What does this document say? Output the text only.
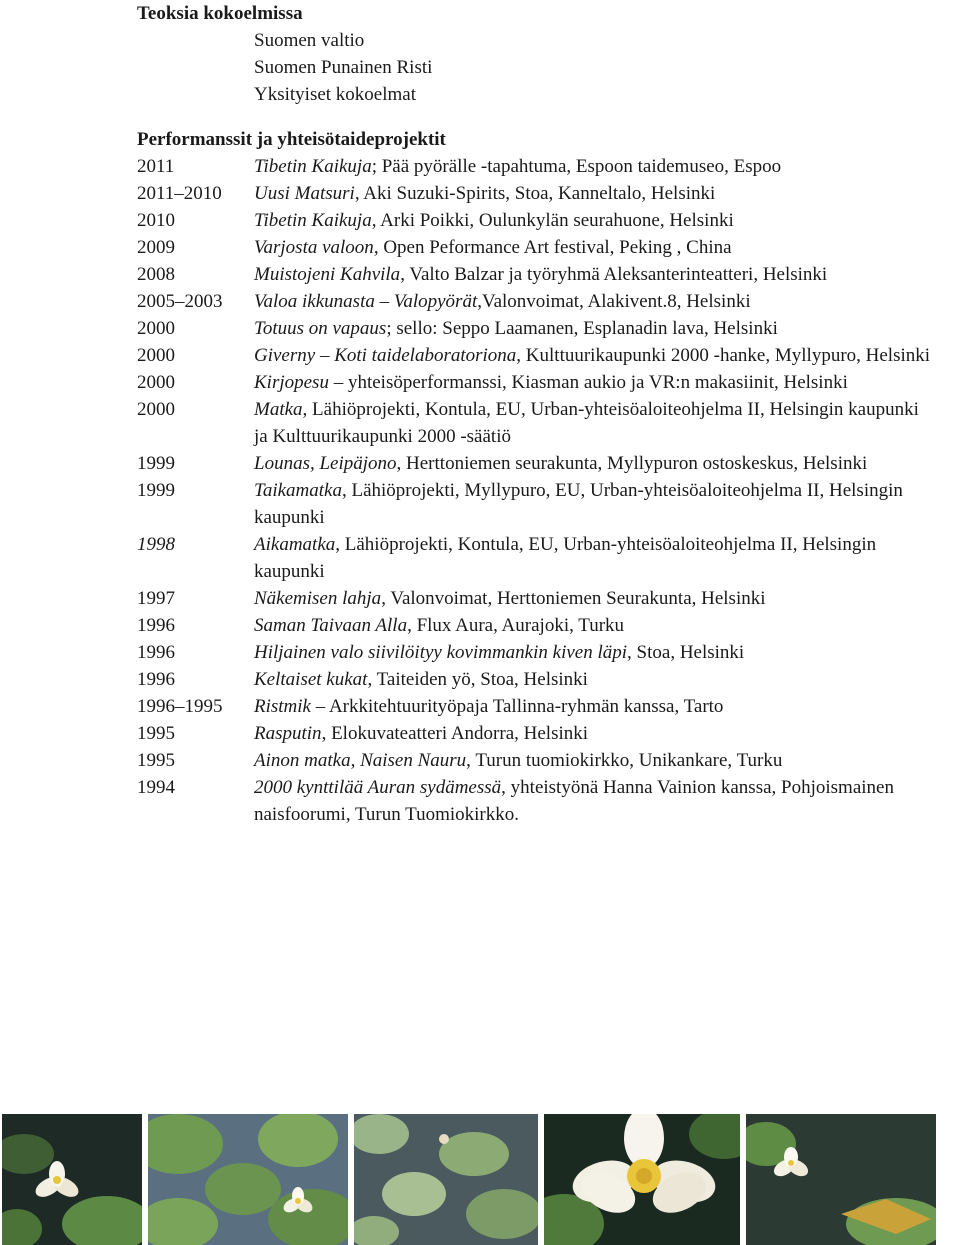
Teoksia kokoelmissa
Suomen valtio
Suomen Punainen Risti
Yksityiset kokoelmat
Performanssit ja yhteisötaideprojektit
2011	Tibetin Kaikuja; Pää pyörälle -tapahtuma, Espoon taidemuseo, Espoo
2011–2010	Uusi Matsuri, Aki Suzuki-Spirits, Stoa, Kanneltalo, Helsinki
2010	Tibetin Kaikuja, Arki Poikki, Oulunkylän seurahuone, Helsinki
2009	Varjosta valoon, Open Peformance Art festival, Peking , China
2008	Muistojeni Kahvila, Valto Balzar ja työryhmä Aleksanterinteatteri, Helsinki
2005–2003	Valoa ikkunasta – Valopyörät,Valonvoimat, Alakivent.8, Helsinki
2000	Totuus on vapaus; sello: Seppo Laamanen, Esplanadin lava, Helsinki
2000	Giverny – Koti taidelaboratoriona, Kulttuurikaupunki 2000 -hanke, Myllypuro, Helsinki
2000	Kirjopesu – yhteisöperformanssi, Kiasman aukio ja VR:n makasiinit, Helsinki
2000	Matka, Lähiöprojekti, Kontula, EU, Urban-yhteisöaloiteohjelma II, Helsingin kaupunki ja Kulttuurikaupunki 2000 -säätiö
1999	Lounas, Leipäjono, Herttoniemen seurakunta, Myllypuron ostoskeskus, Helsinki
1999	Taikamatka, Lähiöprojekti, Myllypuro, EU, Urban-yhteisöaloiteohjelma II, Helsingin kaupunki
1998	Aikamatka, Lähiöprojekti, Kontula, EU, Urban-yhteisöaloiteohjelma II, Helsingin kaupunki
1997	Näkemisen lahja, Valonvoimat, Herttoniemen Seurakunta, Helsinki
1996	Saman Taivaan Alla, Flux Aura, Aurajoki, Turku
1996	Hiljainen valo siivilöityy kovimmankin kiven läpi, Stoa, Helsinki
1996	Keltaiset kukat, Taiteiden yö, Stoa, Helsinki
1996–1995	Ristmik – Arkkitehtuurityöpaja Tallinna-ryhmän kanssa, Tarto
1995	Rasputin, Elokuvateatteri Andorra, Helsinki
1995	Ainon matka, Naisen Nauru, Turun tuomiokirkko, Unikankare, Turku
1994	2000 kynttilää Auran sydämessä, yhteistyönä Hanna Vainion kanssa, Pohjoismainen naisfoorumi, Turun Tuomiokirkko.
